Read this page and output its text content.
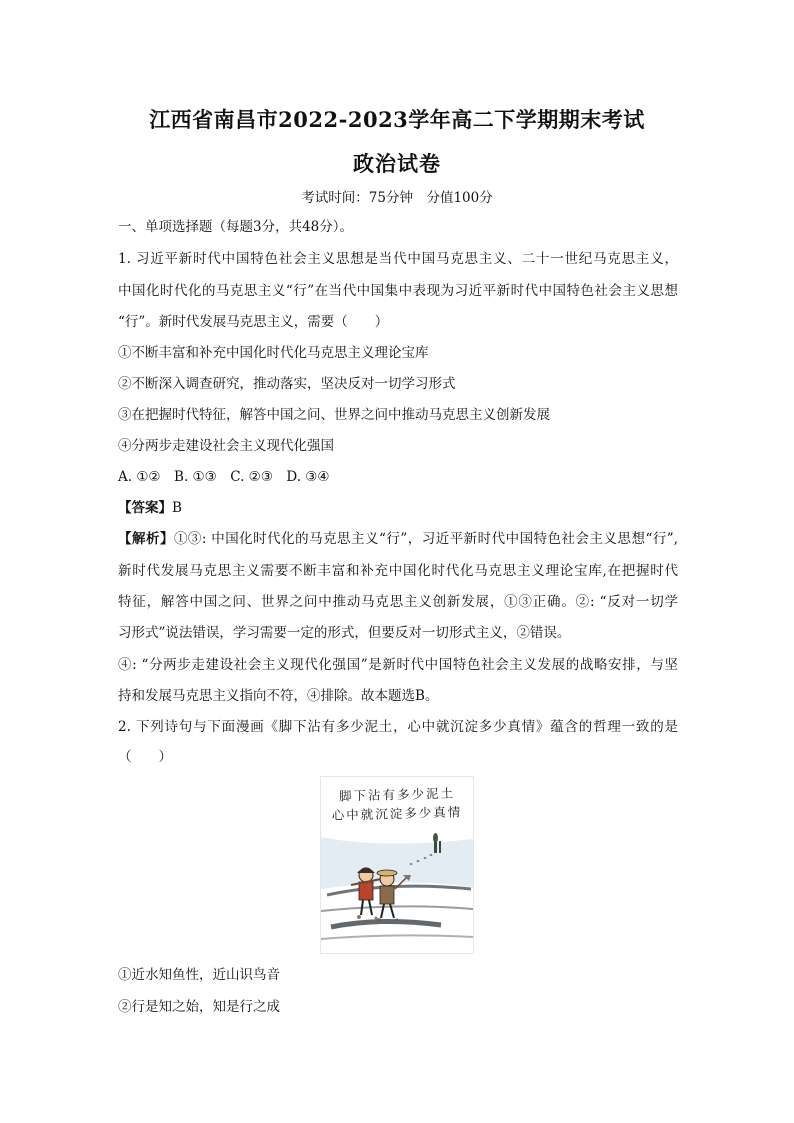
江西省南昌市2022-2023学年高二下学期期末考试
政治试卷
考试时间：75分钟　分值100分
一、单项选择题（每题3分，共48分）。
1. 习近平新时代中国特色社会主义思想是当代中国马克思主义、二十一世纪马克思主义，
中国化时代化的马克思主义“行”在当代中国集中表现为习近平新时代中国特色社会主义思想
“行”。新时代发展马克思主义，需要（　　）
①不断丰富和补充中国化时代化马克思主义理论宝库
②不断深入调查研究，推动落实，坚决反对一切学习形式
③在把握时代特征，解答中国之问、世界之问中推动马克思主义创新发展
④分两步走建设社会主义现代化强国
A. ①②　B. ①③　C. ②③　D. ③④
【答案】B
【解析】①③: 中国化时代化的马克思主义“行”，习近平新时代中国特色社会主义思想“行”,
新时代发展马克思主义需要不断丰富和补充中国化时代化马克思主义理论宝库,在把握时代
特征，解答中国之问、世界之问中推动马克思主义创新发展，①③正确。②: “反对一切学
习形式”说法错误，学习需要一定的形式，但要反对一切形式主义，②错误。
④: “分两步走建设社会主义现代化强国”是新时代中国特色社会主义发展的战略安排，与坚
持和发展马克思主义指向不符，④排除。故本题选B。
2. 下列诗句与下面漫画《脚下沾有多少泥土，心中就沉淀多少真情》蕴含的哲理一致的是
（　　）
脚下沾有多少泥土
心中就沉淀多少真情
①近水知鱼性，近山识鸟音
②行是知之始，知是行之成
